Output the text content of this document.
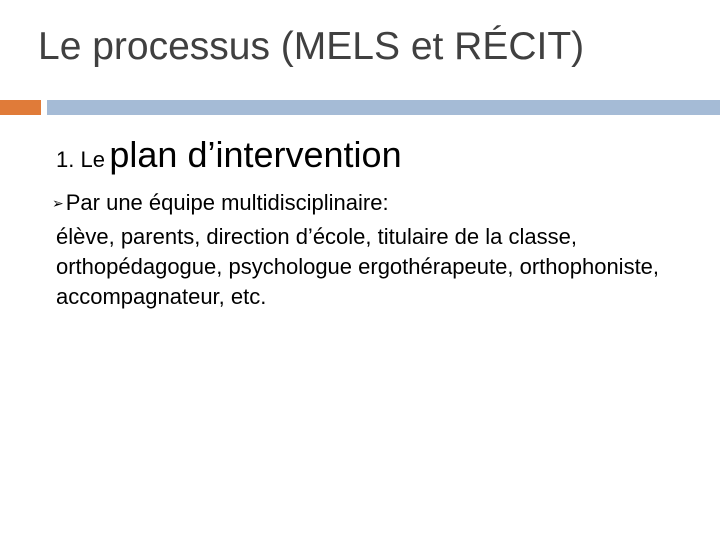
Le processus (MELS et RÉCIT)
1. Le plan d’intervention
➢Par une équipe multidisciplinaire:
élève, parents, direction d’école, titulaire de la classe, orthopédagogue, psychologue ergothérapeute, orthophoniste, accompagnateur, etc.
